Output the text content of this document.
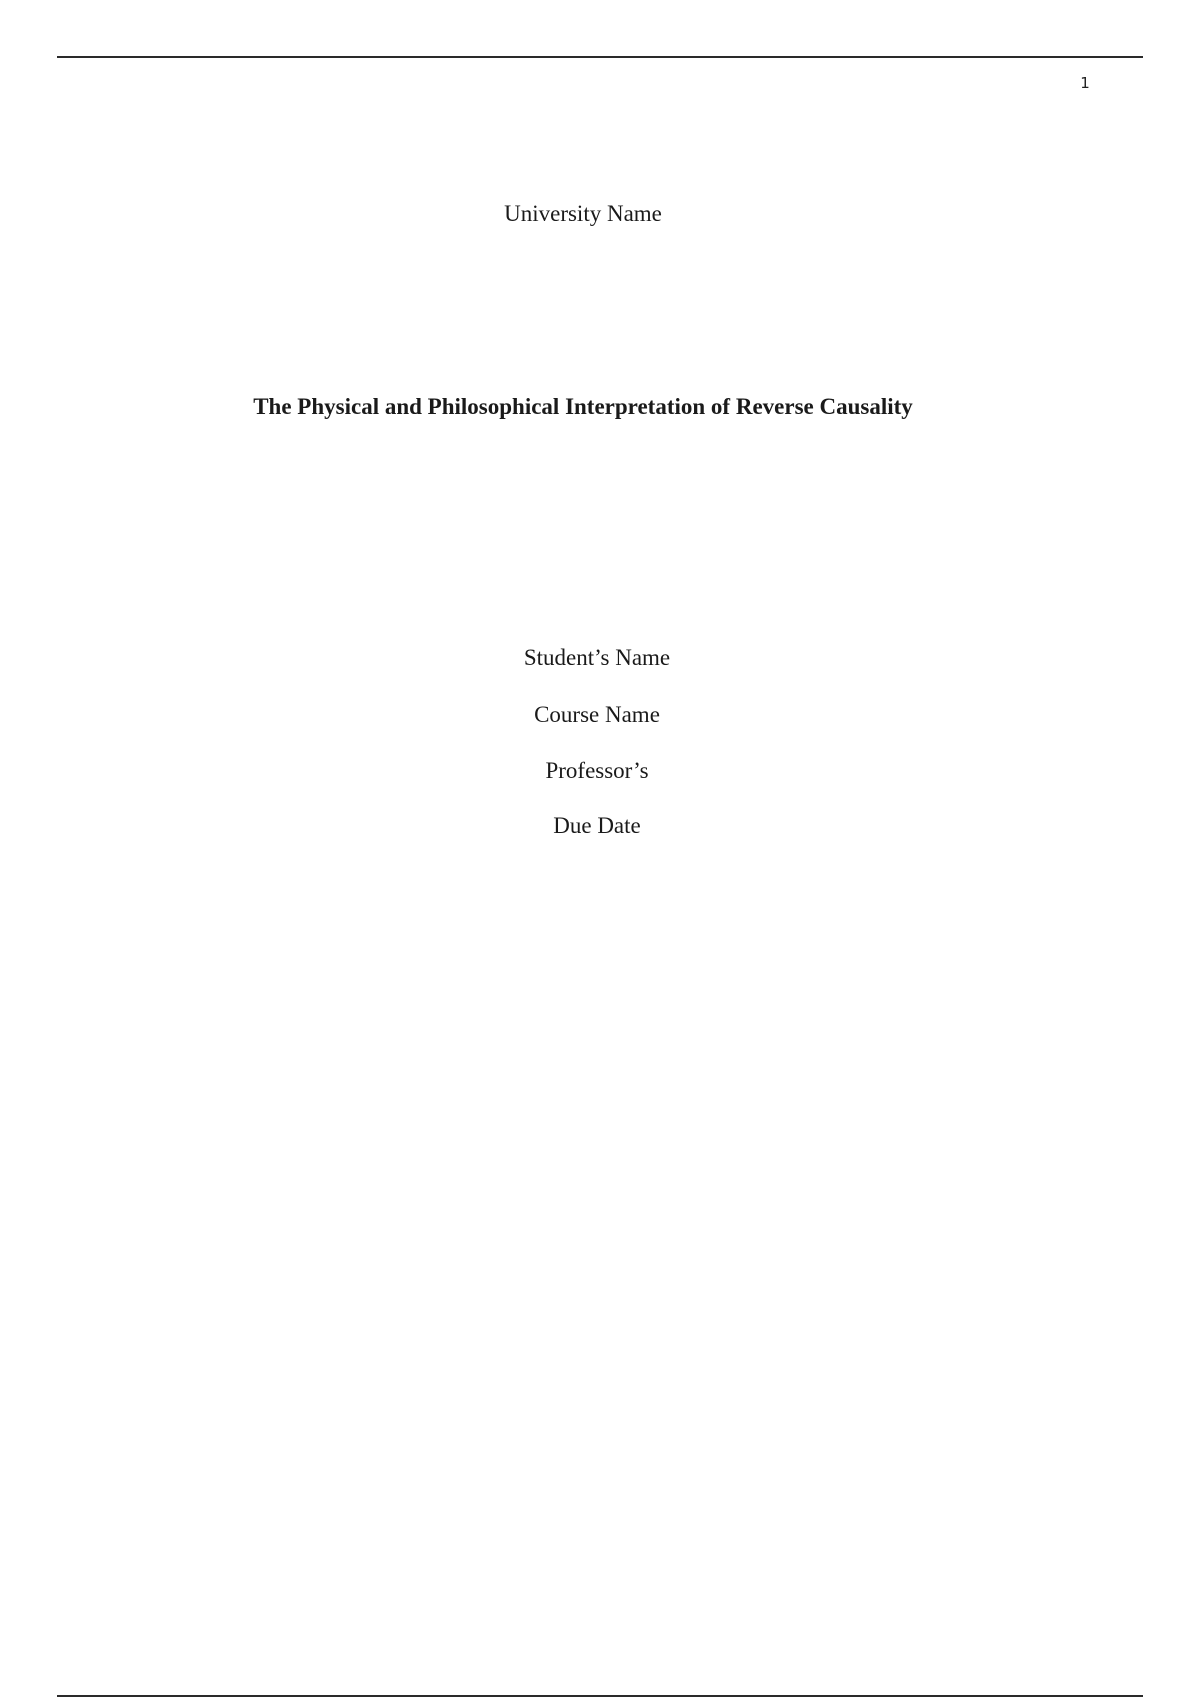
1
University Name
The Physical and Philosophical Interpretation of Reverse Causality
Student’s Name
Course Name
Professor’s
Due Date
